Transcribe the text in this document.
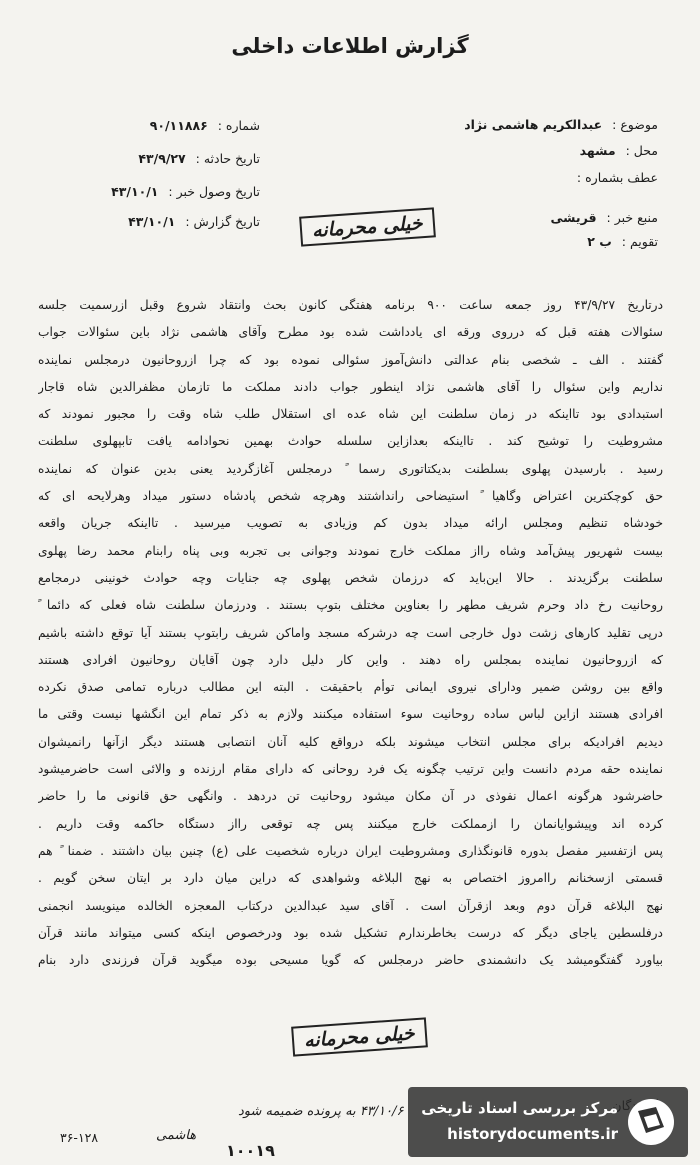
گزارش اطلاعات داخلی
موضوع : عبدالکریم هاشمی نژاد
محل : مشهد
عطف بشماره :
منبع خبر : قریشی
تقویم : ب ۲
شماره : ۹۰/۱۱۸۸۶
تاریخ حادثه : ۴۳/۹/۲۷
تاریخ وصول خبر : ۴۳/۱۰/۱
تاریخ گزارش : ۴۳/۱۰/۱	خیلی محرمانه
درتاریخ ۴۳/۹/۲۷ روز جمعه ساعت ۹۰۰ برنامه هفتگی کانون بحث وانتقاد شروع وقبل ازرسمیت جلسه
سئوالات هفته قبل که درروی ورقه ای یادداشت شده بود مطرح وآقای هاشمی نژاد باین سئوالات جواب
گفتند . الف ـ شخصی بنام عدالتی دانش‌آموز سئوالی نموده بود که چرا ازروحانیون درمجلس نماینده
نداریم واین سئوال را آقای هاشمی نژاد اینطور جواب دادند مملکت ما تازمان مظفرالدین شاه قاجار
استبدادی بود تااینکه در زمان سلطنت این شاه عده ای استقلال طلب شاه وقت را مجبور نمودند که
مشروطیت را توشیح کند . تااینکه بعدازاین سلسله حوادث بهمین نحوادامه یافت تابپهلوی سلطنت
رسید . بارسیدن پهلوی بسلطنت بدیکتاتوری رسما ً درمجلس آغازگردید یعنی بدین عنوان که نماینده
حق کوچکترین اعتراض وگاهیا ً استیضاحی رانداشتند وهرچه شخص پادشاه دستور میداد وهرلایحه ای که
خودشاه تنظیم ومجلس ارائه میداد بدون کم وزیادی به تصویب میرسید . تااینکه جریان واقعه
بیست شهریور پیش‌آمد وشاه رااز مملکت خارج نمودند وجوانی بی تجربه وبی پناه رابنام محمد رضا پهلوی
سلطنت برگزیدند . حالا این‌باید که درزمان شخص پهلوی چه جنایات وچه حوادث خونینی درمجامع
روحانیت رخ داد وحرم شریف مطهر را بعناوین مختلف بتوپ بستند . ودرزمان سلطنت شاه فعلی که دائما ً
درپی تقلید کارهای زشت دول خارجی است چه درشرکه مسجد واماکن شریف رابتوپ بستند آیا توقع داشته باشیم
که ازروحانیون نماینده بمجلس راه دهند . واین کار دلیل دارد چون آقایان روحانیون افرادی هستند
واقع بین روشن ضمیر ودارای نیروی ایمانی توأم باحقیقت . البته این مطالب درباره تمامی صدق نکرده
افرادی هستند ازاین لباس ساده روحانیت سوء استفاده میکنند ولازم به ذکر تمام این انگشها نیست وقتی ما
دیدیم افرادیکه برای مجلس انتخاب میشوند بلکه درواقع کلیه آنان انتصابی هستند دیگر ازآنها رانمیشوان
نماینده حقه مردم دانست واین ترتیب چگونه یک فرد روحانی که دارای مقام ارزنده و والائی است حاضرمیشود
حاضرشود هرگونه اعمال نفوذی در آن مکان میشود روحانیت تن دردهد . وانگهی حق قانونی ما را حاضر
کرده اند وپیشوایانمان را ازمملکت خارج میکنند پس چه توقعی رااز دستگاه حاکمه وقت داریم .
پس ازتفسیر مفصل بدوره قانونگذاری ومشروطیت ایران درباره شخصیت علی (ع) چنین بیان داشتند . ضمنا ً هم
قسمتی ازسخنانم راامروز اختصاص به نهج البلاغه وشواهدی که دراین میان دارد بر ایتان سخن گویم .
نهج البلاغه قرآن دوم وبعد ازقرآن است . آقای سید عبدالدین درکتاب المعجزه الخالده مینویسد انجمنی
درفلسطین یاجای دیگر که درست بخاطرندارم تشکیل شده بود ودرخصوص اینکه کسی میتواند مانند قرآن
بیاورد گفتگومیشد یک دانشمندی حاضر درمجلس که گویا مسیحی بوده میگوید قرآن فرزندی دارد بنام
خیلی محرمانه
۴۳/۱۰/۶ به پرونده ضمیمه شود
هاشمی
۳۶-۱۲۸
۱۰۰۱۹
مرکز بررسی اسناد تاریخی
historydocuments.ir
